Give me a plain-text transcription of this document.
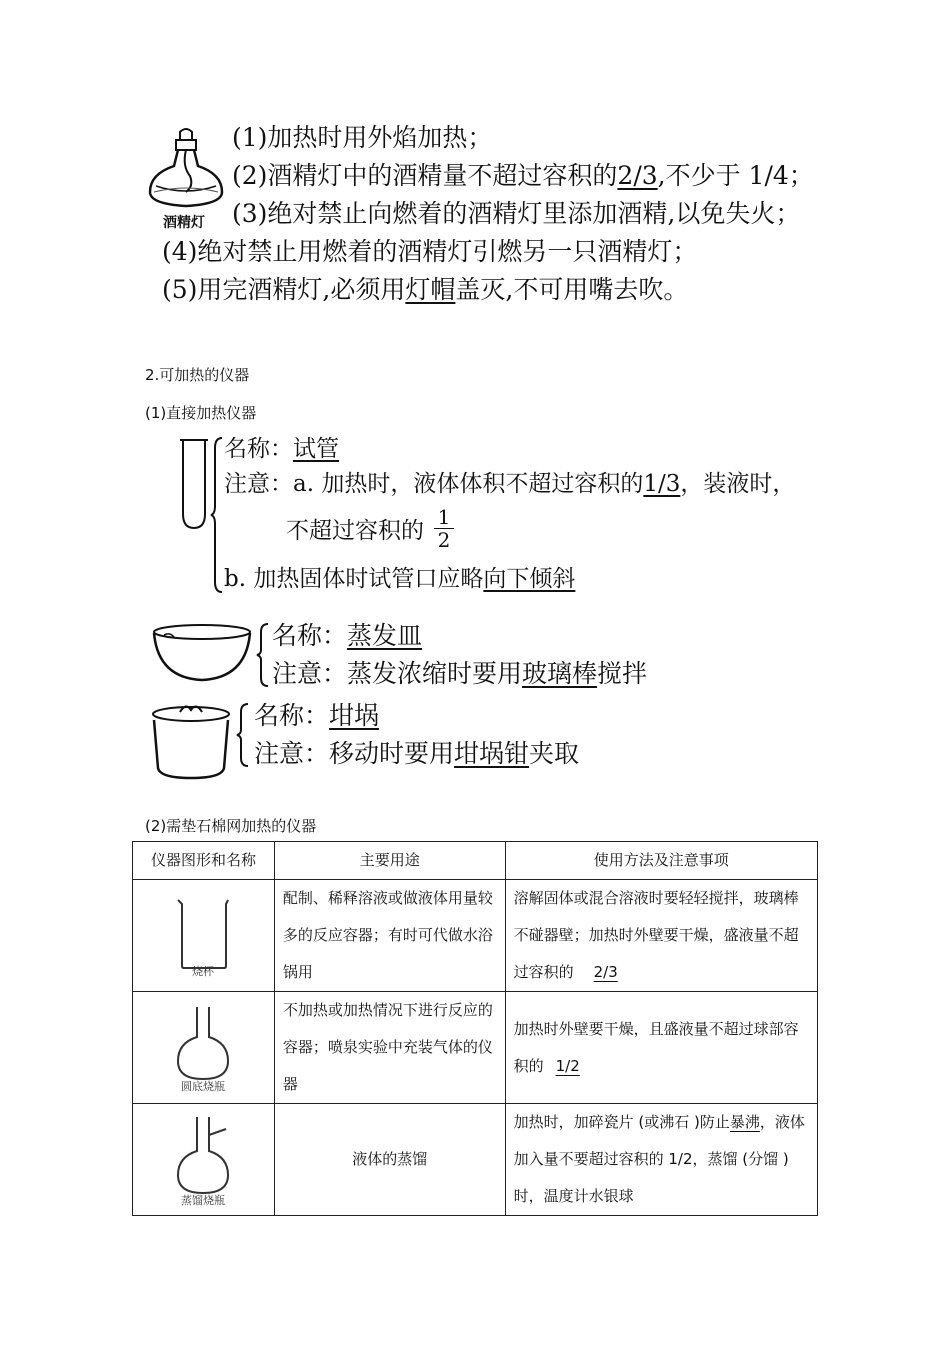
酒精灯
(1)加热时用外焰加热；
(2)酒精灯中的酒精量不超过容积的2/3,不少于 1/4；
(3)绝对禁止向燃着的酒精灯里添加酒精,以免失火；
(4)绝对禁止用燃着的酒精灯引燃另一只酒精灯；
(5)用完酒精灯,必须用灯帽盖灭,不可用嘴去吹。
2.可加热的仪器
(1)直接加热仪器
名称：试管
注意：a. 加热时，液体体积不超过容积的1/3，装液时，
不超过容积的 $\frac{1}{2}$
b. 加热固体时试管口应略向下倾斜
名称：蒸发皿
注意：蒸发浓缩时要用玻璃棒搅拌
名称：坩埚
注意：移动时要用坩埚钳夹取
(2)需垫石棉网加热的仪器
仪器图形和名称	主要用途	使用方法及注意事项

烧杯	配制、稀释溶液或做液体用量较多的反应容器；有时可代做水浴锅用	溶解固体或混合溶液时要轻轻搅拌，玻璃棒不碰器壁；加热时外壁要干燥，盛液量不超过容积的 2/3

圆底烧瓶	不加热或加热情况下进行反应的容器；喷泉实验中充装气体的仪器	加热时外壁要干燥，且盛液量不超过球部容积的 1/2

蒸馏烧瓶	液体的蒸馏	加热时，加碎瓷片 (或沸石 )防止暴沸，液体加入量不要超过容积的 1/2，蒸馏 (分馏 )时，温度计水银球
